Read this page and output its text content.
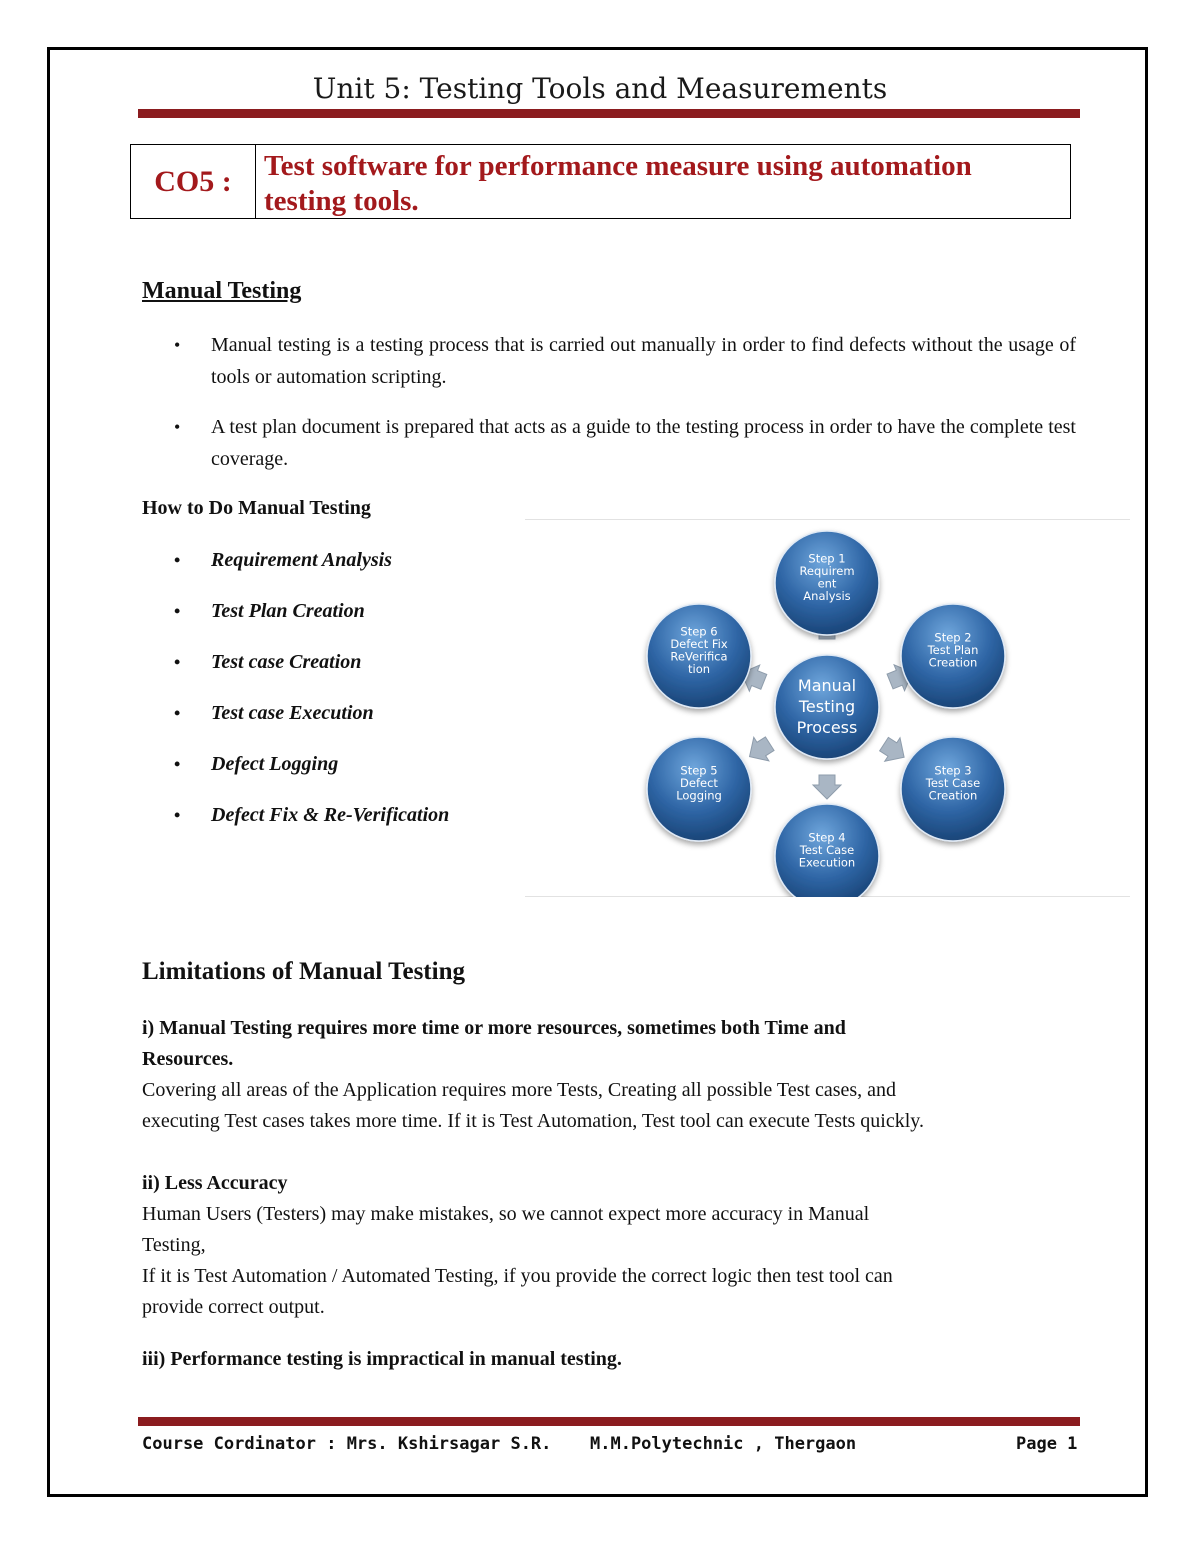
Unit 5: Testing Tools and Measurements
CO5 :	Test software for performance measure using automation
testing tools.
Manual Testing
• Manual testing is a testing process that is carried out manually in order to find defects without the usage of tools or automation scripting.
• A test plan document is prepared that acts as a guide to the testing process in order to have the complete test coverage.
How to Do Manual Testing
• Requirement Analysis
• Test Plan Creation
• Test case Creation
• Test case Execution
• Defect Logging
• Defect Fix & Re-Verification
Step 1
Requirem
ent
Analysis
Step 2
Test Plan
Creation
Step 3
Test Case
Creation
Step 4
Test Case
Execution
Step 5
Defect
Logging
Step 6
Defect Fix
ReVerifica
tion
Manual
Testing
Process
Limitations of Manual Testing
i) Manual Testing requires more time or more resources, sometimes both Time and
Resources.
Covering all areas of the Application requires more Tests, Creating all possible Test cases, and
executing Test cases takes more time. If it is Test Automation, Test tool can execute Tests quickly.
ii) Less Accuracy
Human Users (Testers) may make mistakes, so we cannot expect more accuracy in Manual
Testing,
If it is Test Automation / Automated Testing, if you provide the correct logic then test tool can
provide correct output.
iii) Performance testing is impractical in manual testing.
Course Cordinator : Mrs. Kshirsagar S.R. M.M.Polytechnic , Thergaon	Page 1
